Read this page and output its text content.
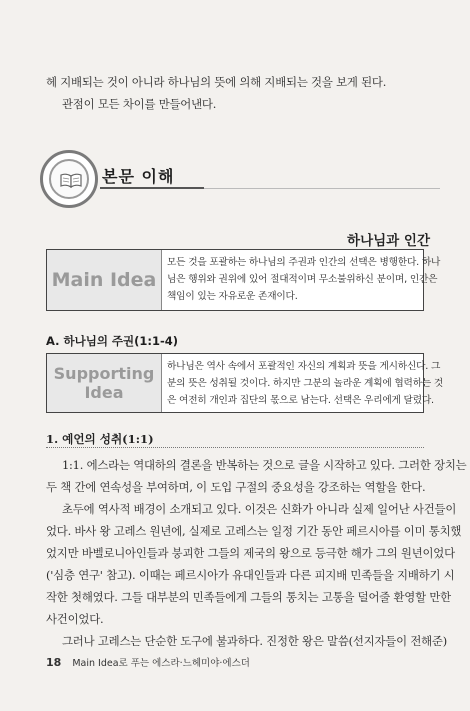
헤 지배되는 것이 아니라 하나님의 뜻에 의해 지배되는 것을 보게 된다.
관점이 모든 차이를 만들어낸다.
본문 이해
하나님과 인간
Main Idea
모든 것을 포괄하는 하나님의 주권과 인간의 선택은 병행한다. 하나
님은 행위와 권위에 있어 절대적이며 무소불위하신 분이며, 인간은
책임이 있는 자유로운 존재이다.
A. 하나님의 주권(1:1-4)
Supporting
Idea
하나님은 역사 속에서 포괄적인 자신의 계획과 뜻을 게시하신다. 그
분의 뜻은 성취될 것이다. 하지만 그분의 놀라운 계획에 협력하는 것
은 여전히 개인과 집단의 몫으로 남는다. 선택은 우리에게 달렸다.
1. 예언의 성취(1:1)
1:1. 에스라는 역대하의 결론을 반복하는 것으로 글을 시작하고 있다. 그러한 장치는
두 책 간에 연속성을 부여하며, 이 도입 구절의 중요성을 강조하는 역할을 한다.
초두에 역사적 배경이 소개되고 있다. 이것은 신화가 아니라 실제 일어난 사건들이
었다. 바사 왕 고레스 원년에, 실제로 고레스는 일정 기간 동안 페르시아를 이미 통치했
었지만 바벨로니아인들과 붕괴한 그들의 제국의 왕으로 등극한 해가 그의 원년이었다
('심층 연구' 참고). 이때는 페르시아가 유대인들과 다른 피지배 민족들을 지배하기 시
작한 첫해였다. 그들 대부분의 민족들에게 그들의 통치는 고통을 덜어줄 환영할 만한
사건이었다.
그러나 고레스는 단순한 도구에 불과하다. 진정한 왕은 말씀(선지자들이 전해준)
18 Main Idea로 푸는 에스라·느헤미야·에스더
